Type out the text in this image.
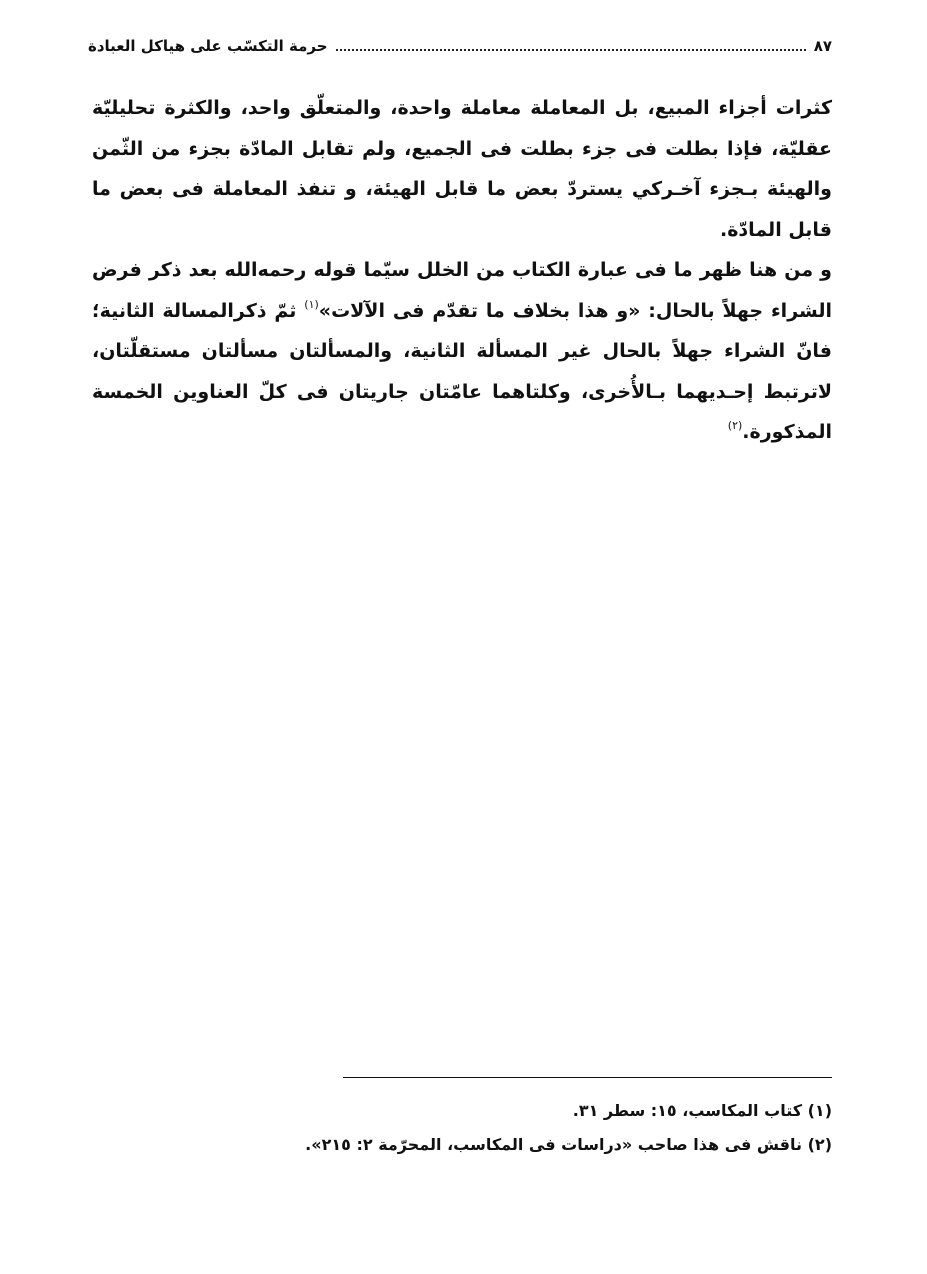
حرمة التكسّب على هياكل العبادة	٨٧

كثرات أجزاء المبيع، بل المعاملة معاملة واحدة، والمتعلّق واحد، والكثرة تحليليّة عقليّة، فإذا بطلت فى جزء بطلت فى الجميع، ولم تقابل المادّة بجزء من الثّمن والهيئة بـجزء آخـركي يستردّ بعض ما قابل الهيئة، و تنفذ المعاملة فى بعض ما قابل المادّة.

و من هنا ظهر ما فى عبارة الكتاب من الخلل سيّما قوله رحمه‌الله بعد ذكر فرض الشراء جهلاً بالحال: «و هذا بخلاف ما تقدّم فى الآلات»$^{(١)}$ ثمّ ذكرالمسالة الثانية؛ فانّ الشراء جهلاً بالحال غير المسألة الثانية، والمسألتان مسألتان مستقلّتان، لاترتبط إحـديهما بـالأُخرى، وكلتاهما عامّتان جاريتان فى كلّ العناوين الخمسة المذكورة.$^{(٢)}$

(١) كتاب المكاسب، ١٥: سطر ٣١.

(٢) ناقش فى هذا صاحب «دراسات فى المكاسب، المحرّمة ٢: ٢١٥».
